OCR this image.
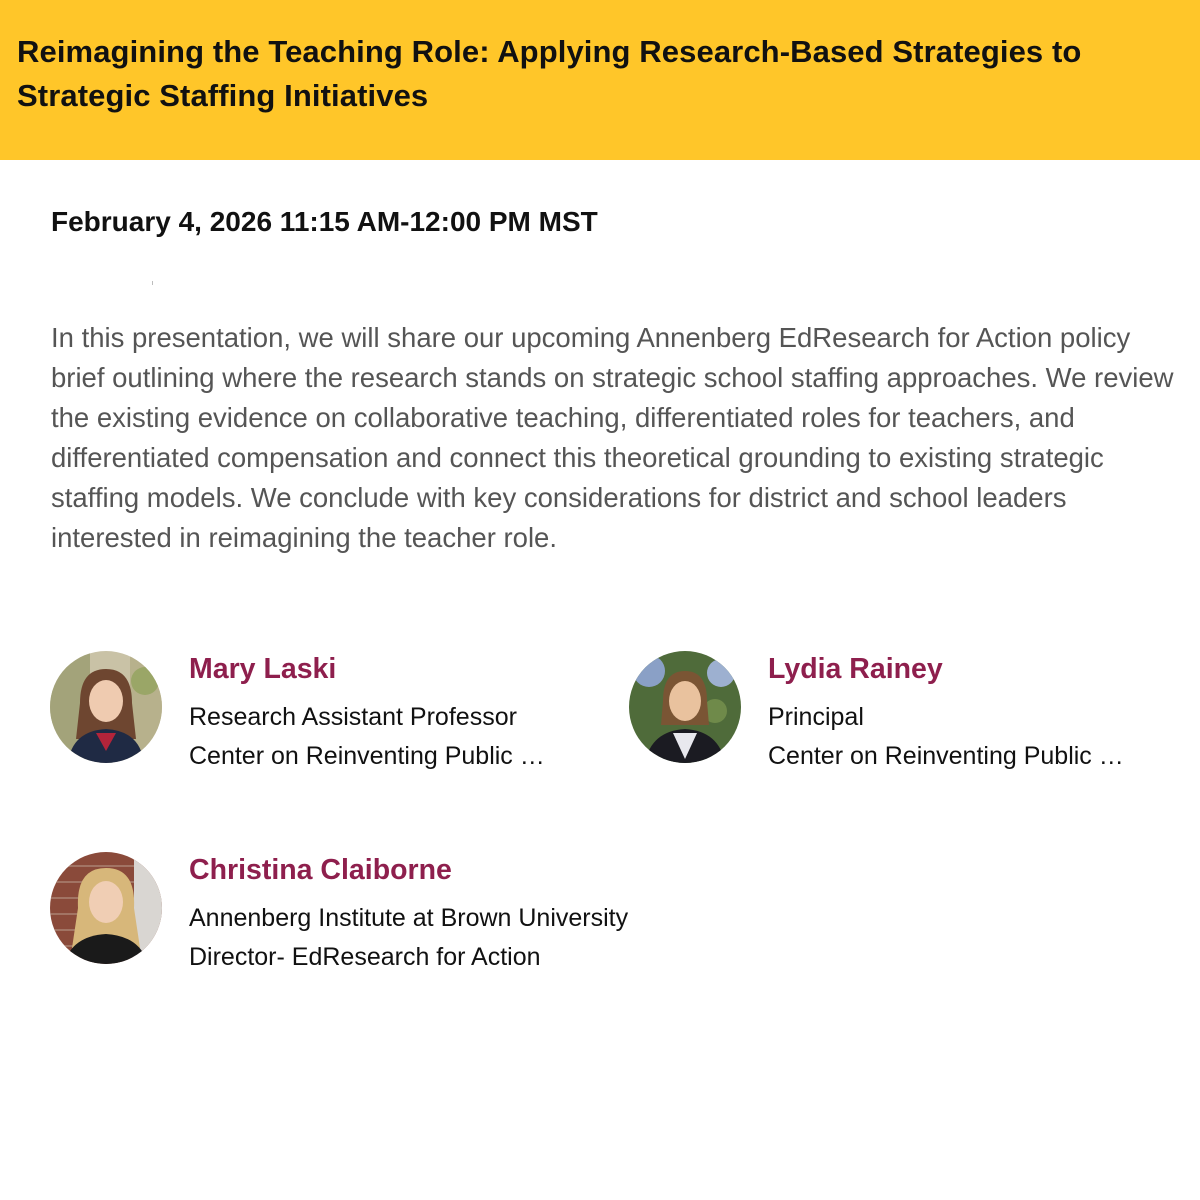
Reimagining the Teaching Role: Applying Research-Based Strategies to Strategic Staffing Initiatives
February 4, 2026 11:15 AM-12:00 PM MST

In this presentation, we will share our upcoming Annenberg EdResearch for Action policy brief outlining where the research stands on strategic school staffing approaches. We review the existing evidence on collaborative teaching, differentiated roles for teachers, and differentiated compensation and connect this theoretical grounding to existing strategic staffing models. We conclude with key considerations for district and school leaders interested in reimagining the teacher role.

Mary Laski
Research Assistant Professor
Center on Reinventing Public …
Lydia Rainey
Principal
Center on Reinventing Public …
Christina Claiborne
Annenberg Institute at Brown University
Director- EdResearch for Action
